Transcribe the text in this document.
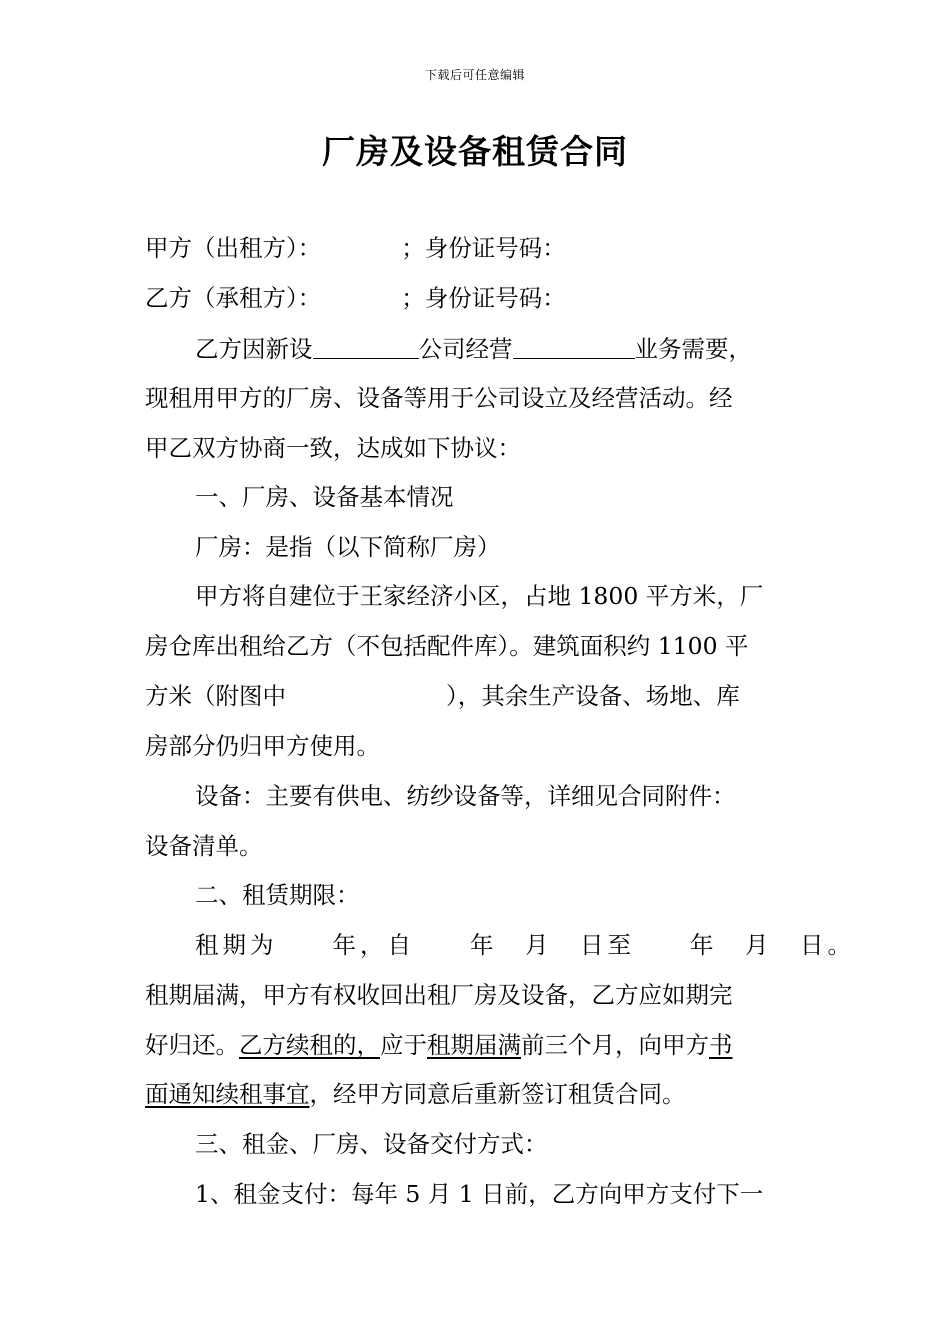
下载后可任意编辑
厂房及设备租赁合同
甲方（出租方）：	；身份证号码：
乙方（承租方）：	；身份证号码：
乙方因新设	公司经营	业务需要，
现租用甲方的厂房、设备等用于公司设立及经营活动。经
甲乙双方协商一致，达成如下协议：
一、厂房、设备基本情况
厂房：是指（以下简称厂房）
甲方将自建位于王家经济小区，占地 1800 平方米，厂
房仓库出租给乙方（不包括配件库）。建筑面积约 1100 平
方米（附图中	），其余生产设备、场地、库
房部分仍归甲方使用。
设备：主要有供电、纺纱设备等，详细见合同附件：
设备清单。
二、租赁期限：
租期为　　年，自　　年　月　日至　　年　月　日。
租期届满，甲方有权收回出租厂房及设备，乙方应如期完
好归还。乙方续租的，应于租期届满前三个月，向甲方书
面通知续租事宜，经甲方同意后重新签订租赁合同。
三、租金、厂房、设备交付方式：
1、租金支付：每年 5 月 1 日前，乙方向甲方支付下一
